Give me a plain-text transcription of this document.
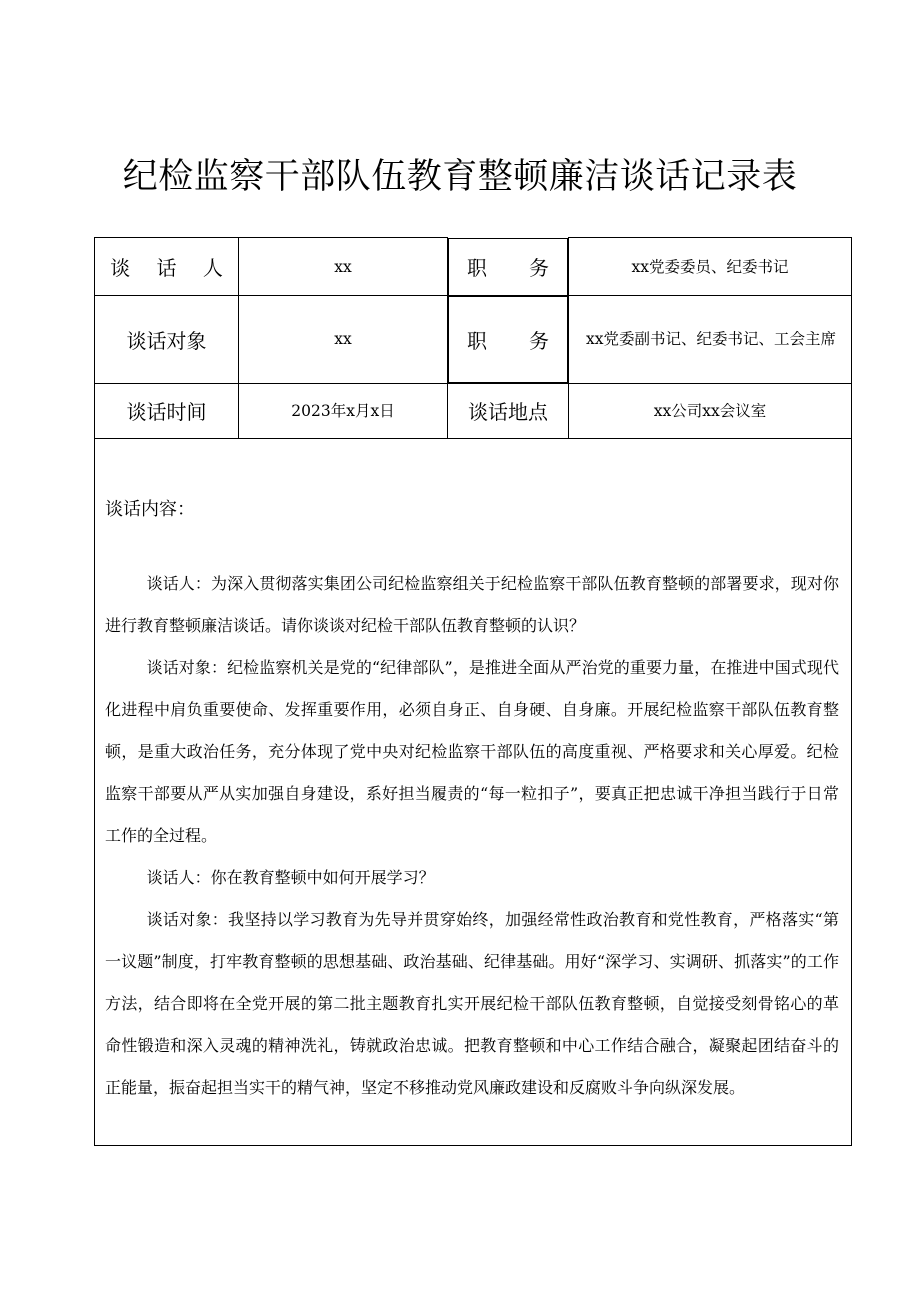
纪检监察干部队伍教育整顿廉洁谈话记录表
谈 话 人	xx		职 务	xx党委委员、纪委书记
谈话对象	xx		职 务 xx党委副书记、纪委书记、工会主席
谈话时间	2023年x月x日	谈话地点	xx公司xx会议室

谈话内容：

谈话人：为深入贯彻落实集团公司纪检监察组关于纪检监察干部队伍教育整顿的部署要求，现对你进行教育整顿廉洁谈话。请你谈谈对纪检干部队伍教育整顿的认识？

谈话对象：纪检监察机关是党的“纪律部队”，是推进全面从严治党的重要力量，在推进中国式现代化进程中肩负重要使命、发挥重要作用，必须自身正、自身硬、自身廉。开展纪检监察干部队伍教育整顿，是重大政治任务，充分体现了党中央对纪检监察干部队伍的高度重视、严格要求和关心厚爱。纪检监察干部要从严从实加强自身建设，系好担当履责的“每一粒扣子”，要真正把忠诚干净担当践行于日常工作的全过程。

谈话人：你在教育整顿中如何开展学习？

谈话对象：我坚持以学习教育为先导并贯穿始终，加强经常性政治教育和党性教育，严格落实“第一议题”制度，打牢教育整顿的思想基础、政治基础、纪律基础。用好“深学习、实调研、抓落实”的工作方法，结合即将在全党开展的第二批主题教育扎实开展纪检干部队伍教育整顿，自觉接受刻骨铭心的革命性锻造和深入灵魂的精神洗礼，铸就政治忠诚。把教育整顿和中心工作结合融合，凝聚起团结奋斗的正能量，振奋起担当实干的精气神，坚定不移推动党风廉政建设和反腐败斗争向纵深发展。			
